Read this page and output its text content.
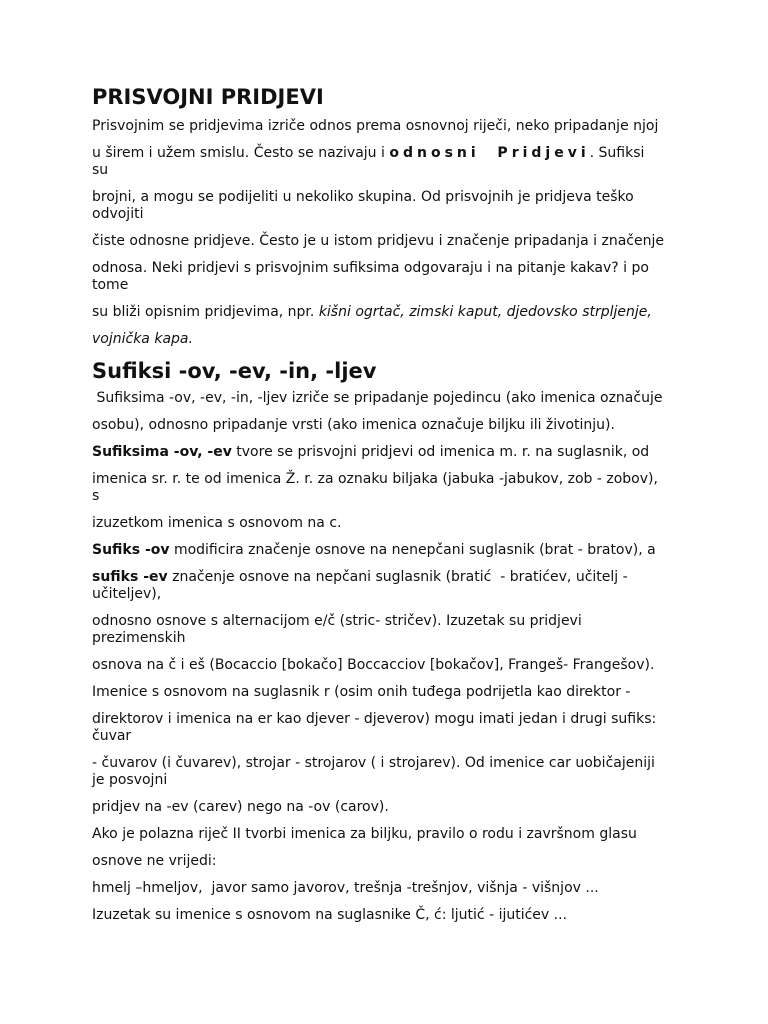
PRISVOJNI PRIDJEVI

Prisvojnim se pridjevima izriče odnos prema osnovnoj riječi, neko pripadanje njoj

u širem i užem smislu. Često se nazivaju i odnosni  Pridjevi. Sufiksi
su

brojni, a mogu se podijeliti u nekoliko skupina. Od prisvojnih je pridjeva teško
odvojiti

čiste odnosne pridjeve. Često je u istom pridjevu i značenje pripadanja i značenje

odnosa. Neki pridjevi s prisvojnim sufiksima odgovaraju i na pitanje kakav? i po
tome

su bliži opisnim pridjevima, npr. kišni ogrtač, zimski kaput, djedovsko strpljenje,

vojnička kapa.

Sufiksi -ov, -ev, -in, -ljev

Sufiksima -ov, -ev, -in, -ljev izriče se pripadanje pojedincu (ako imenica označuje

osobu), odnosno pripadanje vrsti (ako imenica označuje biljku ili životinju).

Sufiksima -ov, -ev tvore se prisvojni pridjevi od imenica m. r. na suglasnik, od

imenica sr. r. te od imenica Ž. r. za oznaku biljaka (jabuka -jabukov, zob - zobov),
s

izuzetkom imenica s osnovom na c.

Sufiks -ov modificira značenje osnove na nenepčani suglasnik (brat - bratov), a

sufiks -ev značenje osnove na nepčani suglasnik (bratić  - bratićev, učitelj -
učiteljev),

odnosno osnove s alternacijom e/č (stric- stričev). Izuzetak su pridjevi
prezimenskih

osnova na č i eš (Bocaccio [bokačo] Boccacciov [bokačov], Frangeš- Frangešov).

Imenice s osnovom na suglasnik r (osim onih tuđega podrijetla kao direktor -

direktorov i imenica na er kao djever - djeverov) mogu imati jedan i drugi sufiks:
čuvar

- čuvarov (i čuvarev), strojar - strojarov ( i strojarev). Od imenice car uobičajeniji
je posvojni

pridjev na -ev (carev) nego na -ov (carov).

Ako je polazna riječ II tvorbi imenica za biljku, pravilo o rodu i završnom glasu

osnove ne vrijedi:

hmelj –hmeljov,  javor samo javorov, trešnja -trešnjov, višnja - višnjov ...

Izuzetak su imenice s osnovom na suglasnike Č, ć: ljutić - ijutićev ...
